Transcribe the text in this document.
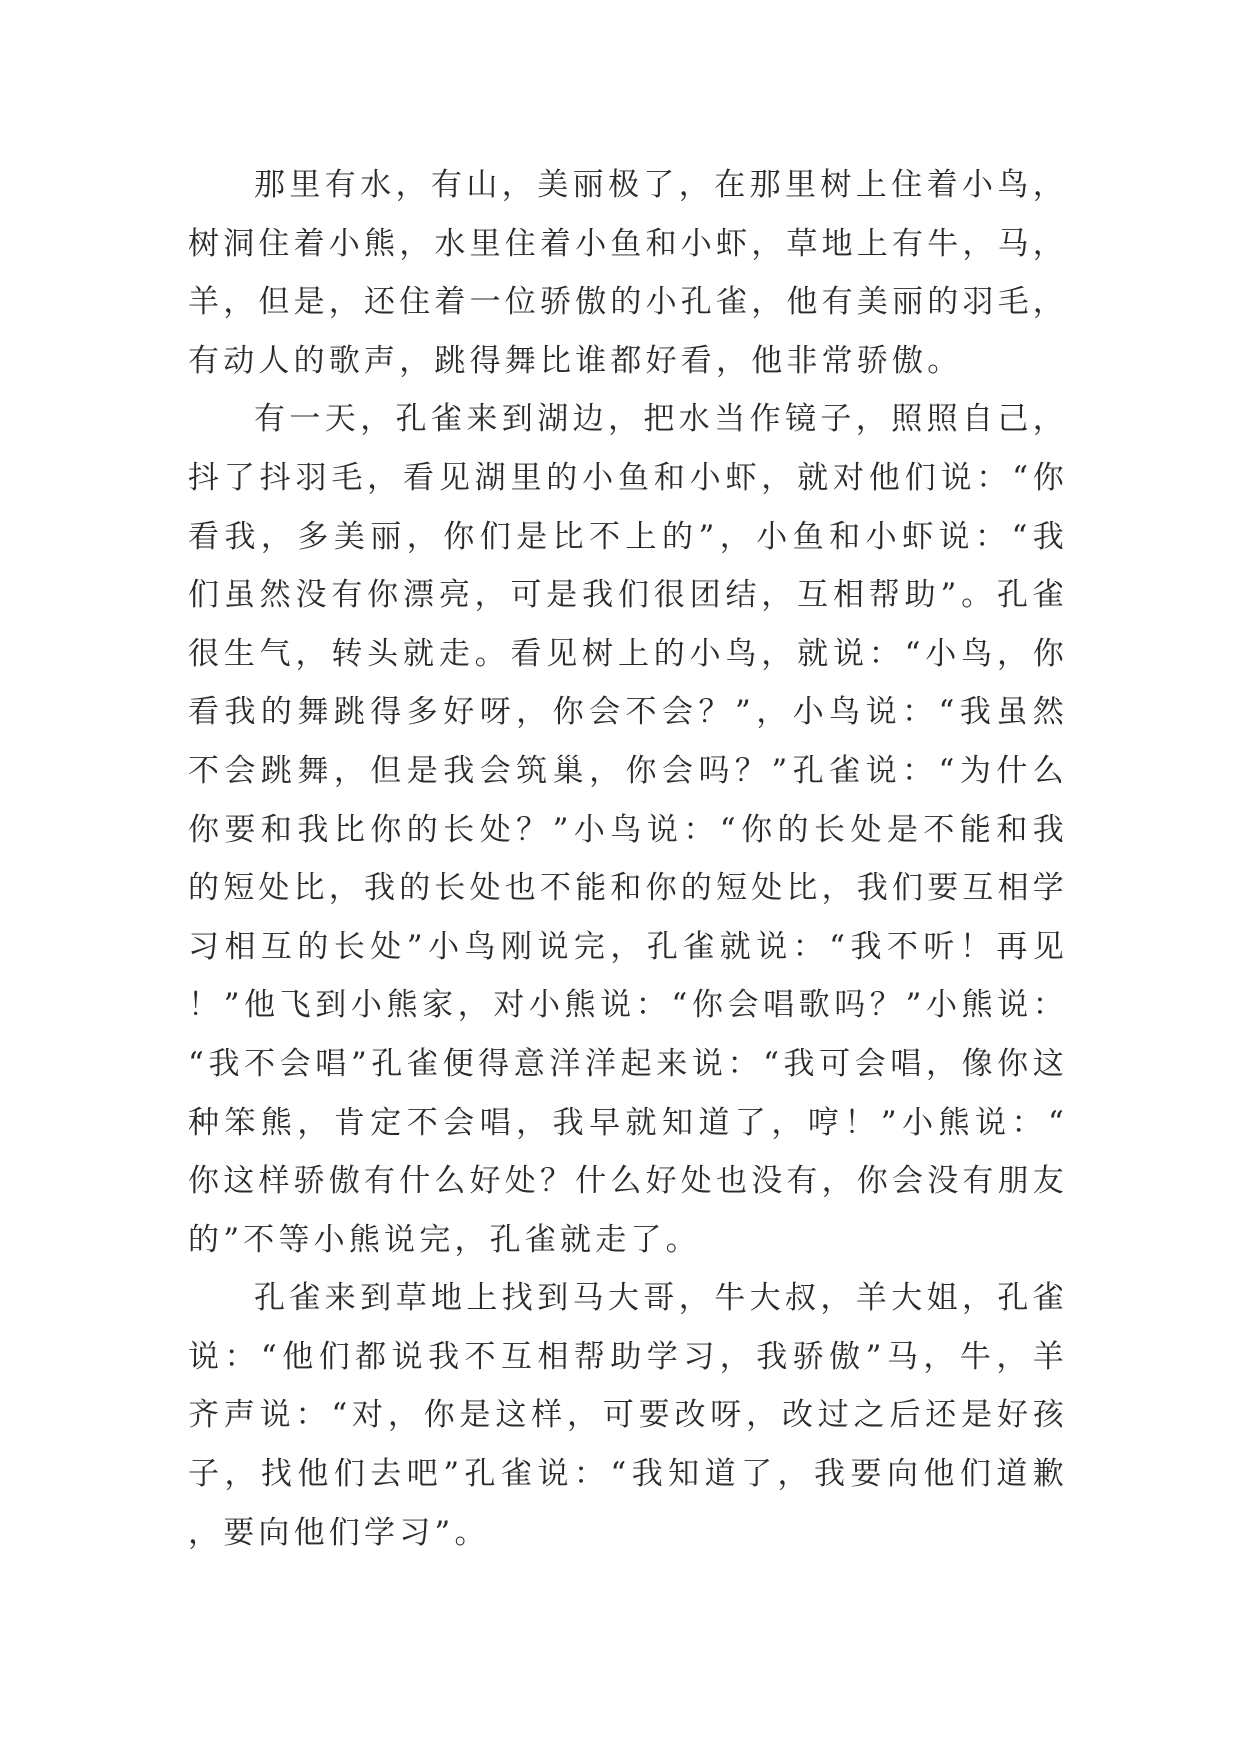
那里有水，有山，美丽极了，在那里树上住着小鸟，树洞住着小熊，水里住着小鱼和小虾，草地上有牛，马，羊，但是，还住着一位骄傲的小孔雀，他有美丽的羽毛，有动人的歌声，跳得舞比谁都好看，他非常骄傲。

有一天，孔雀来到湖边，把水当作镜子，照照自己，抖了抖羽毛，看见湖里的小鱼和小虾，就对他们说：“你看我，多美丽，你们是比不上的”，小鱼和小虾说：“我们虽然没有你漂亮，可是我们很团结，互相帮助”。孔雀很生气，转头就走。看见树上的小鸟，就说：“小鸟，你看我的舞跳得多好呀，你会不会？”，小鸟说：“我虽然不会跳舞，但是我会筑巢，你会吗？”孔雀说：“为什么你要和我比你的长处？”小鸟说：“你的长处是不能和我的短处比，我的长处也不能和你的短处比，我们要互相学习相互的长处”小鸟刚说完，孔雀就说：“我不听！再见！”他飞到小熊家，对小熊说：“你会唱歌吗？”小熊说：“我不会唱”孔雀便得意洋洋起来说：“我可会唱，像你这种笨熊，肯定不会唱，我早就知道了，哼！”小熊说：“你这样骄傲有什么好处？什么好处也没有，你会没有朋友的”不等小熊说完，孔雀就走了。

孔雀来到草地上找到马大哥，牛大叔，羊大姐，孔雀说：“他们都说我不互相帮助学习，我骄傲”马，牛，羊齐声说：“对，你是这样，可要改呀，改过之后还是好孩子，找他们去吧”孔雀说：“我知道了，我要向他们道歉，要向他们学习”。
